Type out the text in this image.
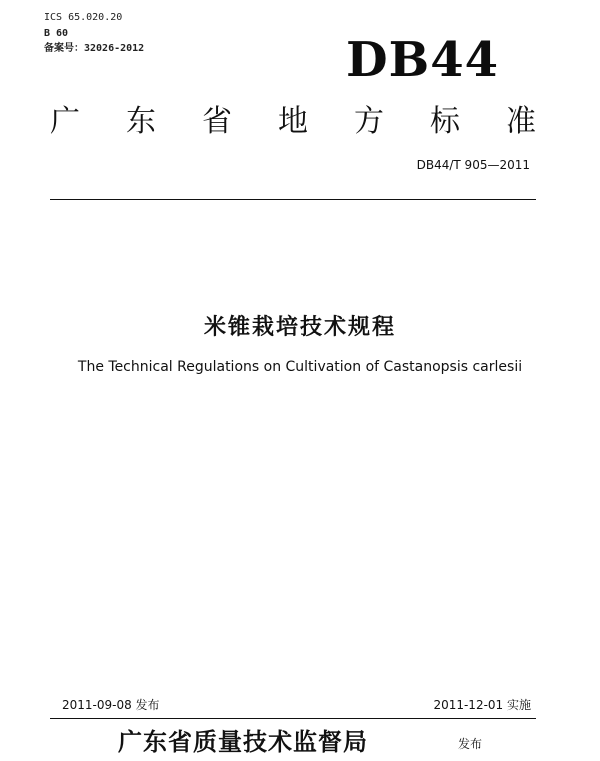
ICS 65.020.20
B 60
备案号：32026-2012	DB44
广 东 省 地 方 标 准
DB44/T 905—2011
米锥栽培技术规程
The Technical Regulations on Cultivation of Castanopsis carlesii
2011-09-08 发布	2011-12-01 实施
广东省质量技术监督局	发布
